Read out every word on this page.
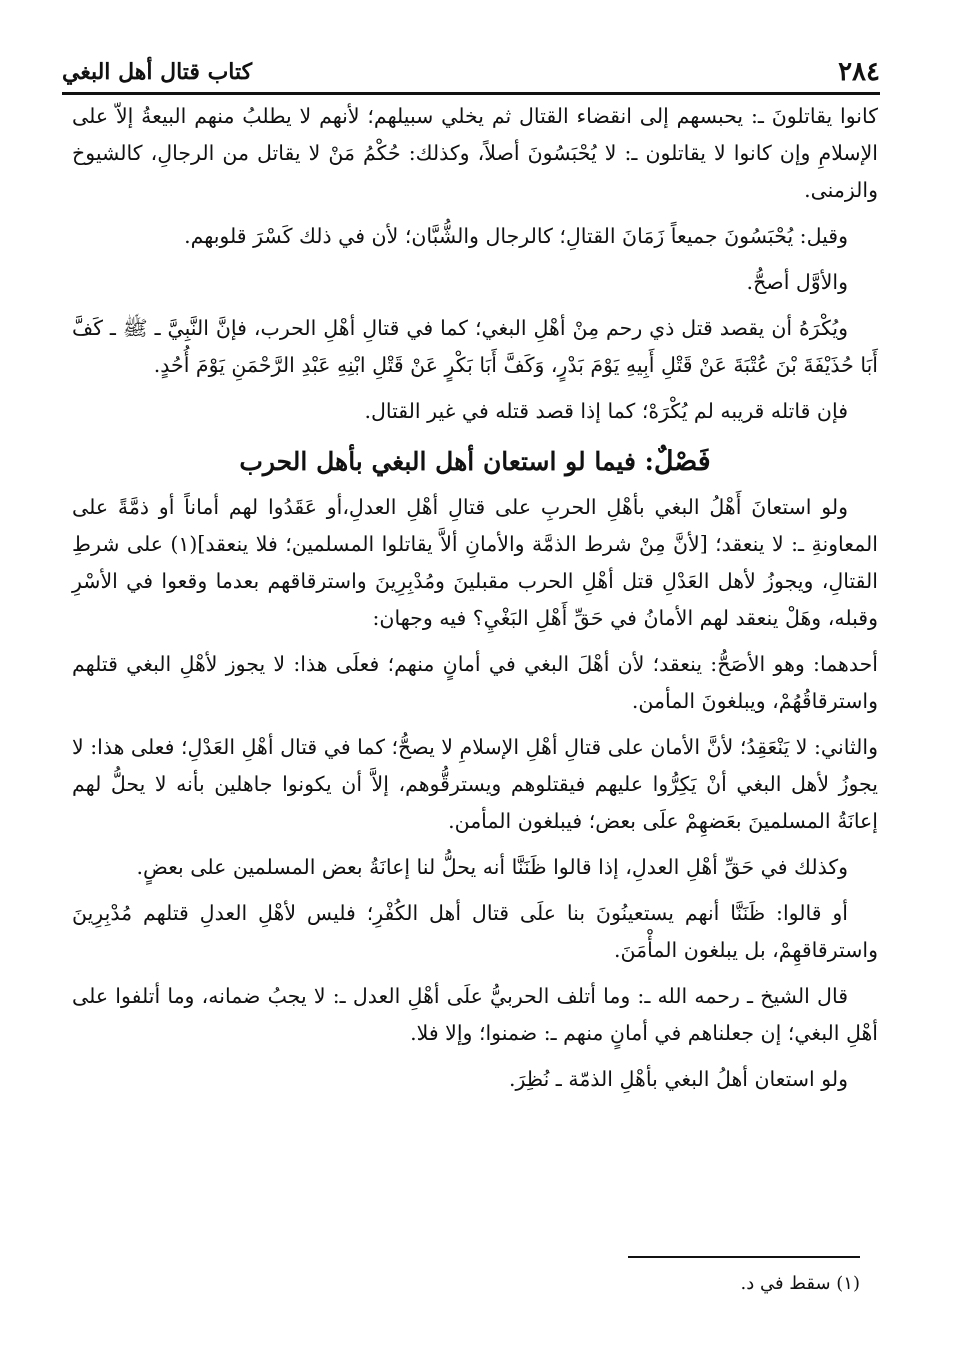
٢٨٤
كتاب قتال أهل البغي

كانوا يقاتلونَ ـ: يحبسهم إلى انقضاء القتال ثم يخلي سبيلهم؛ لأنهم لا يطلبُ منهم البيعةُ إلاّ على الإسلامِ وإن كانوا لا يقاتلون ـ: لا يُحْبَسُونَ أصلاً، وكذلك: حُكْمُ مَنْ لا يقاتل من الرجالِ، كالشيوخ والزمنى.

وقيل: يُحْبَسُونَ جميعاً زَمَانَ القتالِ؛ كالرجال والشُّبَّان؛ لأن في ذلك كَسْرَ قلوبهم.

والأوَّل أصحُّ.

ويُكْرَهُ أن يقصد قتل ذي رحم مِنْ أهْلِ البغي؛ كما في قتالِ أهْلِ الحرب، فإنَّ النَّبِيَّ ـ ﷺ ـ كَفَّ أَبَا حُذَيْفَةَ بْنَ عُتْبَةَ عَنْ قَتْلِ أَبِيهِ يَوْمَ بَدْرٍ، وَكَفَّ أَبَا بَكْرٍ عَنْ قَتْلِ ابْنِهِ عَبْدِ الرَّحْمَنِ يَوْمَ أُحُدٍ.

فإن قاتله قريبه لم يُكْرَهْ؛ كما إذا قصد قتله في غير القتال.

فَصْلٌ: فيما لو استعان أهل البغي بأهل الحرب

ولو استعانَ أَهْلُ البغي بأهْلِ الحربِ على قتالِ أهْلِ العدلِ،أو عَقَدُوا لهم أماناً أو ذمَّةً على المعاونةِ ـ: لا ينعقد؛ [لأنَّ مِنْ شرط الذمَّة والأمانِ ألاَّ يقاتلوا المسلمين؛ فلا ينعقد](١) على شرطِ القتالِ، ويجوزُ لأهل العَدْلِ قتل أهْلِ الحرب مقبلينَ ومُدْبِرِينَ واسترقاقهم بعدما وقعوا في الأسْرِ وقبله، وهَلْ ينعقد لهم الأمانُ في حَقِّ أَهْلِ البَغْيِ؟ فيه وجهان:

أحدهما: وهو الأصَحُّ: ينعقد؛ لأن أهْلَ البغي في أمانٍ منهم؛ فعلَى هذا: لا يجوز لأهْلِ البغي قتلهم واسترقاقُهُمْ، ويبلغونَ المأمن.

والثاني: لا يَنْعَقِدُ؛ لأنَّ الأمان على قتالِ أهْلِ الإسلامِ لا يصحُّ؛ كما في قتال أهْلِ العَدْلِ؛ فعلى هذا: لا يجوزُ لأهل البغي أنْ يَكِرُّوا عليهم فيقتلوهم ويسترقُّوهم، إلاَّ أن يكونوا جاهلين بأنه لا يحلُّ لهم إعانَةُ المسلمينَ بعَضهِمْ علَى بعض؛ فيبلغون المأمن.

وكذلك في حَقِّ أهْلِ العدلِ، إذا قالوا ظَنَنَّا أنه يحلُّ لنا إعانَةُ بعض المسلمين على بعضٍ.

أو قالوا: ظَنَنَّا أنهم يستعينُونَ بنا علَى قتال أهل الكُفْرِ؛ فليس لأهْلِ العدلِ قتلهم مُدْبِرِينَ واسترقاقهِمْ، بل يبلغون المأْمَنَ.

قال الشيخ ـ رحمه الله ـ: وما أتلف الحربيُّ علَى أهْلِ العدل ـ: لا يجبُ ضمانه، وما أتلفوا على أهْلِ البغي؛ إن جعلناهم في أمانٍ منهم ـ: ضمنوا؛ وإلا فلا.

ولو استعان أهلُ البغي بأهْلِ الذمّة ـ نُظِرَ.

(١) سقط في د.
